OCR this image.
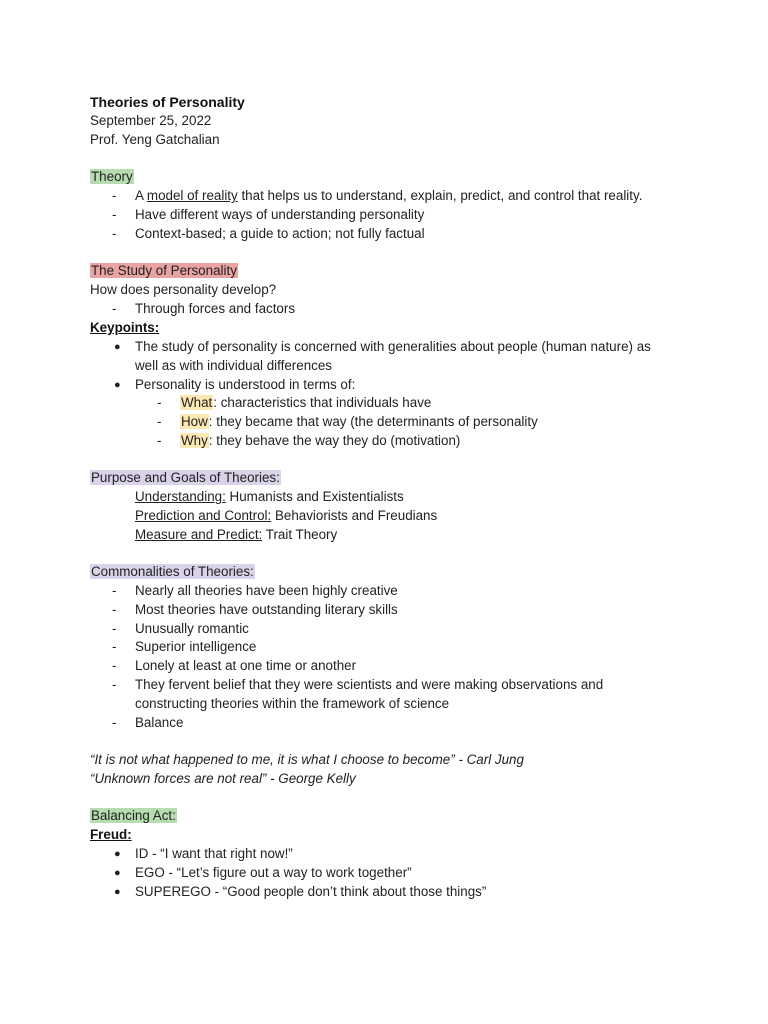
Theories of Personality
September 25, 2022
Prof. Yeng Gatchalian
Theory
- A model of reality that helps us to understand, explain, predict, and control that reality.
- Have different ways of understanding personality
- Context-based; a guide to action; not fully factual
The Study of Personality
How does personality develop?
- Through forces and factors
Keypoints:
● The study of personality is concerned with generalities about people (human nature) as
well as with individual differences
● Personality is understood in terms of:
- What: characteristics that individuals have
- How: they became that way (the determinants of personality
- Why: they behave the way they do (motivation)
Purpose and Goals of Theories:
Understanding: Humanists and Existentialists
Prediction and Control: Behaviorists and Freudians
Measure and Predict: Trait Theory
Commonalities of Theories:
- Nearly all theories have been highly creative
- Most theories have outstanding literary skills
- Unusually romantic
- Superior intelligence
- Lonely at least at one time or another
- They fervent belief that they were scientists and were making observations and
constructing theories within the framework of science
- Balance
“It is not what happened to me, it is what I choose to become” - Carl Jung
“Unknown forces are not real” - George Kelly
Balancing Act:
Freud:
● ID - “I want that right now!”
● EGO - “Let’s figure out a way to work together”
● SUPEREGO - “Good people don’t think about those things”
